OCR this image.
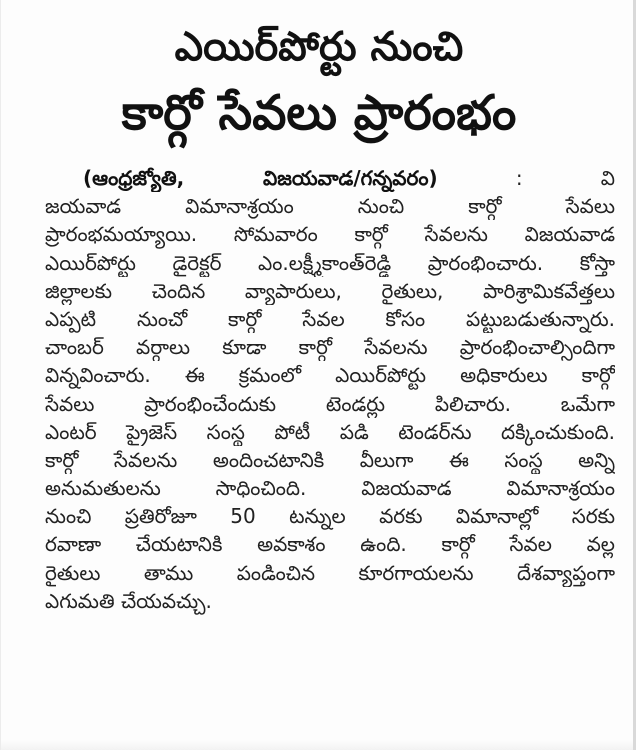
ఎయిర్‌పోర్టు నుంచి
కార్గో సేవలు ప్రారంభం
(ఆంధ్రజ్యోతి, విజయవాడ/గన్నవరం) : వి
జయవాడ విమానాశ్రయం నుంచి కార్గో సేవలు
ప్రారంభమయ్యాయి. సోమవారం కార్గో సేవలను విజయవాడ
ఎయిర్‌పోర్టు డైరెక్టర్‌ ఎం.లక్ష్మీకాంత్‌రెడ్డి ప్రారంభించారు. కోస్తా
జిల్లాలకు చెందిన వ్యాపారులు, రైతులు, పారిశ్రామికవేత్తలు
ఎప్పటి నుంచో కార్గో సేవల కోసం పట్టుబడుతున్నారు.
చాంబర్‌ వర్గాలు కూడా కార్గో సేవలను ప్రారంభించాల్సిందిగా
విన్నవించారు. ఈ క్రమంలో ఎయిర్‌పోర్టు అధికారులు కార్గో
సేవలు ప్రారంభించేందుకు టెండర్లు పిలిచారు. ఒమేగా
ఎంటర్‌ ప్రైజెస్‌ సంస్థ పోటీ పడి టెండర్‌ను దక్కించుకుంది.
కార్గో సేవలను అందించటానికి వీలుగా ఈ సంస్థ అన్ని
అనుమతులను సాధించింది. విజయవాడ విమానాశ్రయం
నుంచి ప్రతిరోజూ 50 టన్నుల వరకు విమానాల్లో సరకు
రవాణా చేయటానికి అవకాశం ఉంది. కార్గో సేవల వల్ల
రైతులు తాము పండించిన కూరగాయలను దేశవ్యాప్తంగా
ఎగుమతి చేయవచ్చు.
